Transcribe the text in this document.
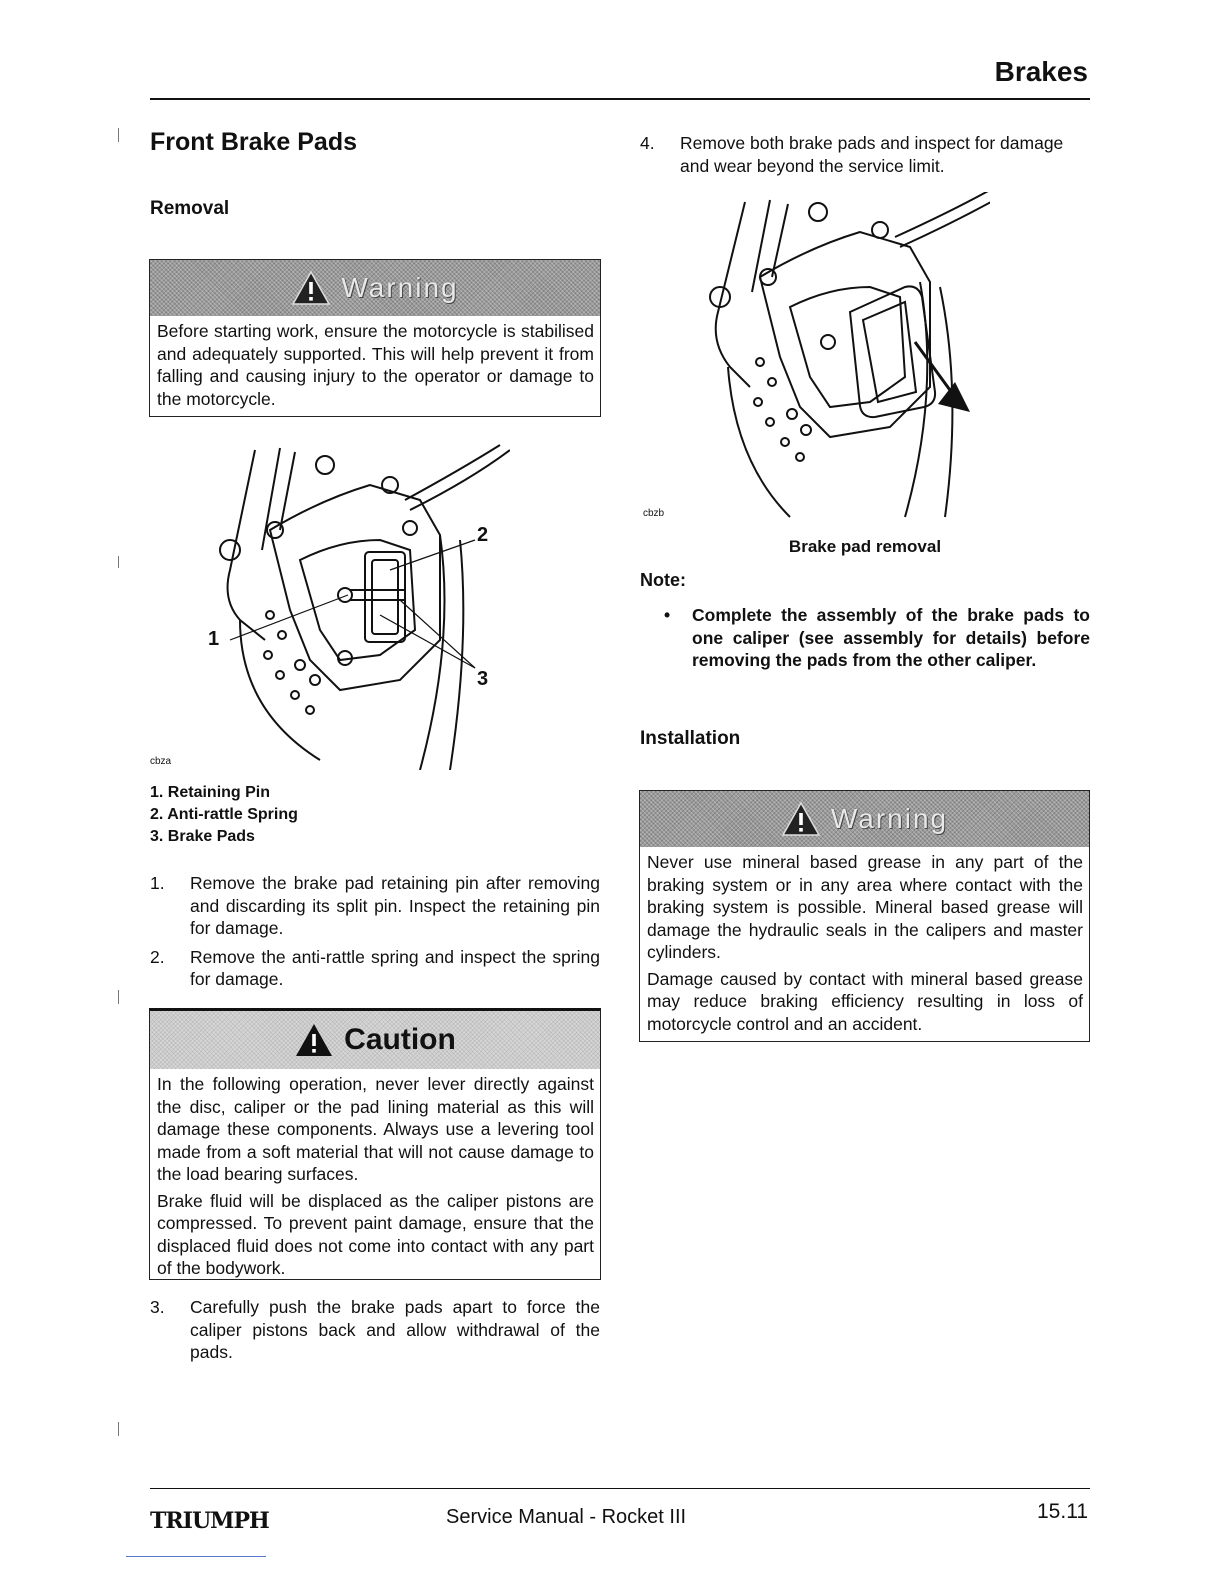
Brakes
Front Brake Pads
Removal
Warning
Before starting work, ensure the motorcycle is stabilised and adequately supported. This will help prevent it from falling and causing injury to the operator or damage to the motorcycle.
1
2
3
cbza
1. Retaining Pin
2. Anti-rattle Spring
3. Brake Pads
1.	Remove the brake pad retaining pin after removing and discarding its split pin. Inspect the retaining pin for damage.
2.	Remove the anti-rattle spring and inspect the spring for damage.
Caution

In the following operation, never lever directly against the disc, caliper or the pad lining material as this will damage these components. Always use a levering tool made from a soft material that will not cause damage to the load bearing surfaces.

Brake fluid will be displaced as the caliper pistons are compressed. To prevent paint damage, ensure that the displaced fluid does not come into contact with any part of the bodywork.

3.	Carefully push the brake pads apart to force the caliper pistons back and allow withdrawal of the pads.
4.	Remove both brake pads and inspect for damage and wear beyond the service limit.
cbzb
Brake pad removal
Note:
•	Complete the assembly of the brake pads to one caliper (see assembly for details) before removing the pads from the other caliper.
Installation
Warning

Never use mineral based grease in any part of the braking system or in any area where contact with the braking system is possible. Mineral based grease will damage the hydraulic seals in the calipers and master cylinders.

Damage caused by contact with mineral based grease may reduce braking efficiency resulting in loss of motorcycle control and an accident.

TRIUMPH	Service Manual - Rocket III	15.11
